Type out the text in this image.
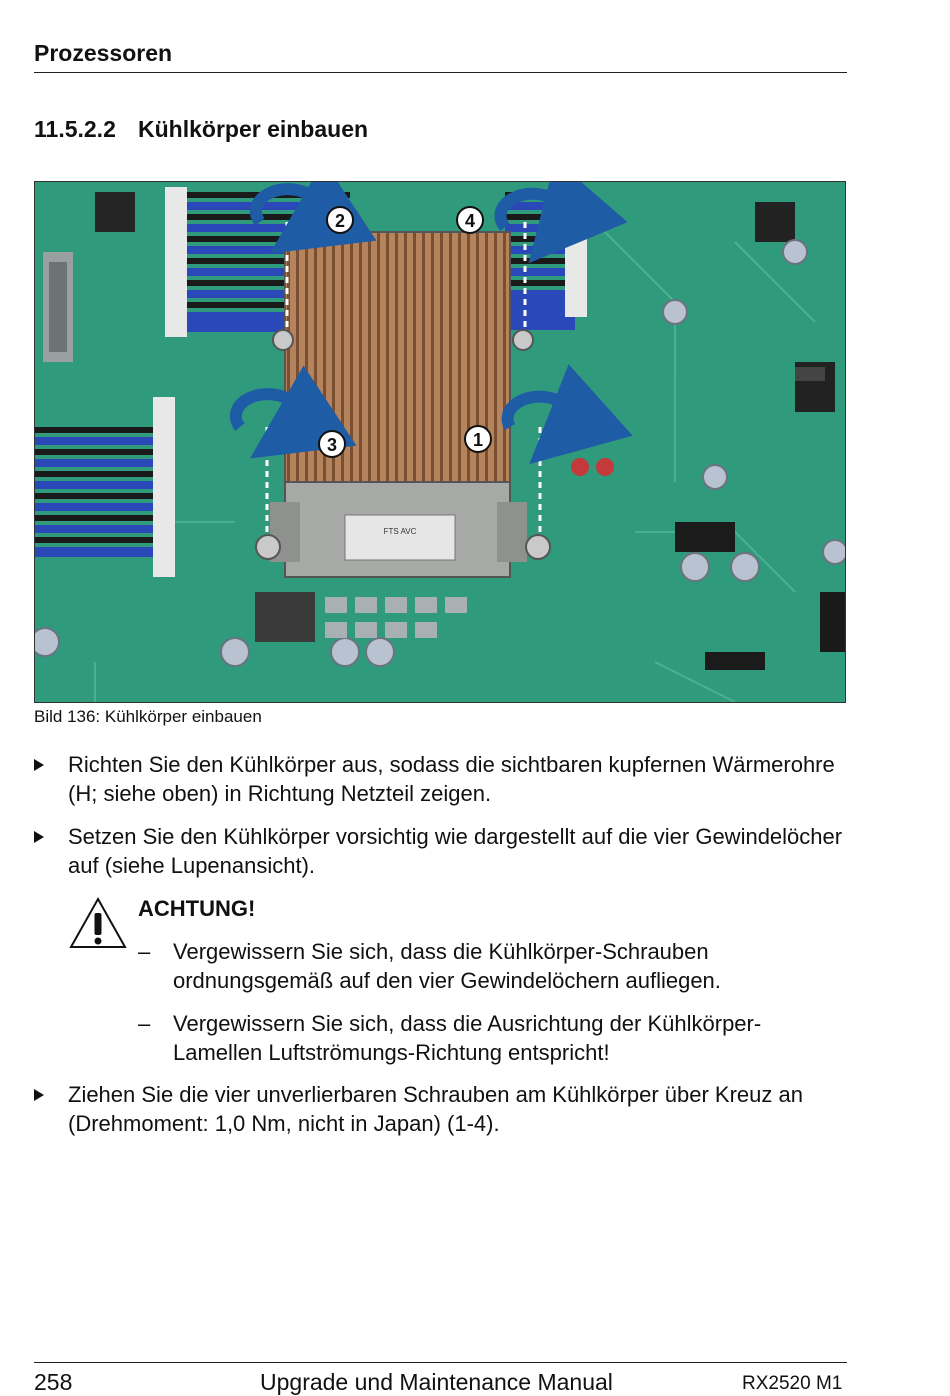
Prozessoren
11.5.2.2 Kühlkörper einbauen
FTS AVC
1
2
3
4
Bild 136: Kühlkörper einbauen
Richten Sie den Kühlkörper aus, sodass die sichtbaren kupfernen Wärmerohre (H; siehe oben) in Richtung Netzteil zeigen.
Setzen Sie den Kühlkörper vorsichtig wie dargestellt auf die vier Gewindelöcher auf (siehe Lupenansicht).
ACHTUNG!
– Vergewissern Sie sich, dass die Kühlkörper-Schrauben ordnungsgemäß auf den vier Gewindelöchern aufliegen.
– Vergewissern Sie sich, dass die Ausrichtung der Kühlkörper-Lamellen Luftströmungs-Richtung entspricht!
Ziehen Sie die vier unverlierbaren Schrauben am Kühlkörper über Kreuz an (Drehmoment: 1,0 Nm, nicht in Japan) (1-4).
258	Upgrade und Maintenance Manual	RX2520 M1
